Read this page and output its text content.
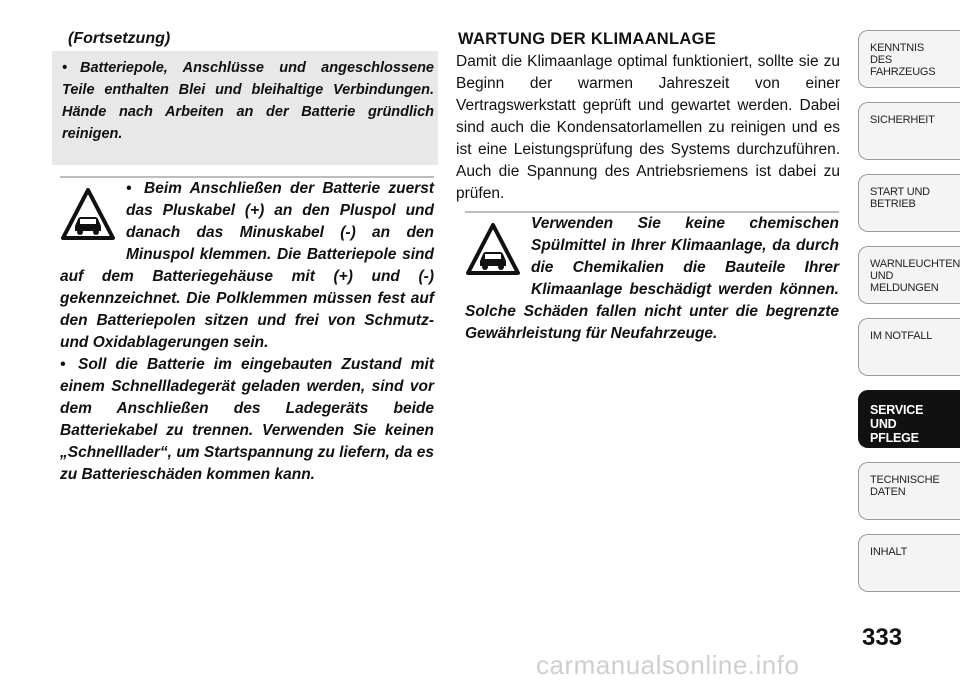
(Fortsetzung)
• Batteriepole, Anschlüsse und angeschlossene Teile enthalten Blei und bleihaltige Verbindungen. Hände nach Arbeiten an der Batterie gründlich reinigen.
• Beim Anschließen der Batterie zuerst das Pluskabel (+) an den Pluspol und danach das Minuskabel (-) an den Minuspol klemmen. Die Batteriepole sind auf dem Batteriegehäuse mit (+) und (-) gekennzeichnet. Die Polklemmen müssen fest auf den Batteriepolen sitzen und frei von Schmutz- und Oxidablagerungen sein.
• Soll die Batterie im eingebauten Zustand mit einem Schnellladegerät geladen werden, sind vor dem Anschließen des Ladegeräts beide Batteriekabel zu trennen. Verwenden Sie keinen „Schnelllader“, um Startspannung zu liefern, da es zu Batterieschäden kommen kann.
WARTUNG DER KLIMAANLAGE
Damit die Klimaanlage optimal funktioniert, sollte sie zu Beginn der warmen Jahreszeit von einer Vertragswerkstatt geprüft und gewartet werden. Dabei sind auch die Kondensatorlamellen zu reinigen und es ist eine Leistungsprüfung des Systems durchzuführen. Auch die Spannung des Antriebsriemens ist dabei zu prüfen.
Verwenden Sie keine chemischen Spülmittel in Ihrer Klimaanlage, da durch die Chemikalien die Bauteile Ihrer Klimaanlage beschädigt werden können. Solche Schäden fallen nicht unter die begrenzte Gewährleistung für Neufahrzeuge.
KENNTNIS
DES
FAHRZEUGS
SICHERHEIT
START UND
BETRIEB
WARNLEUCHTEN
UND
MELDUNGEN
IM NOTFALL
SERVICE
UND
PFLEGE
TECHNISCHE
DATEN
INHALT
333
carmanualsonline.info
